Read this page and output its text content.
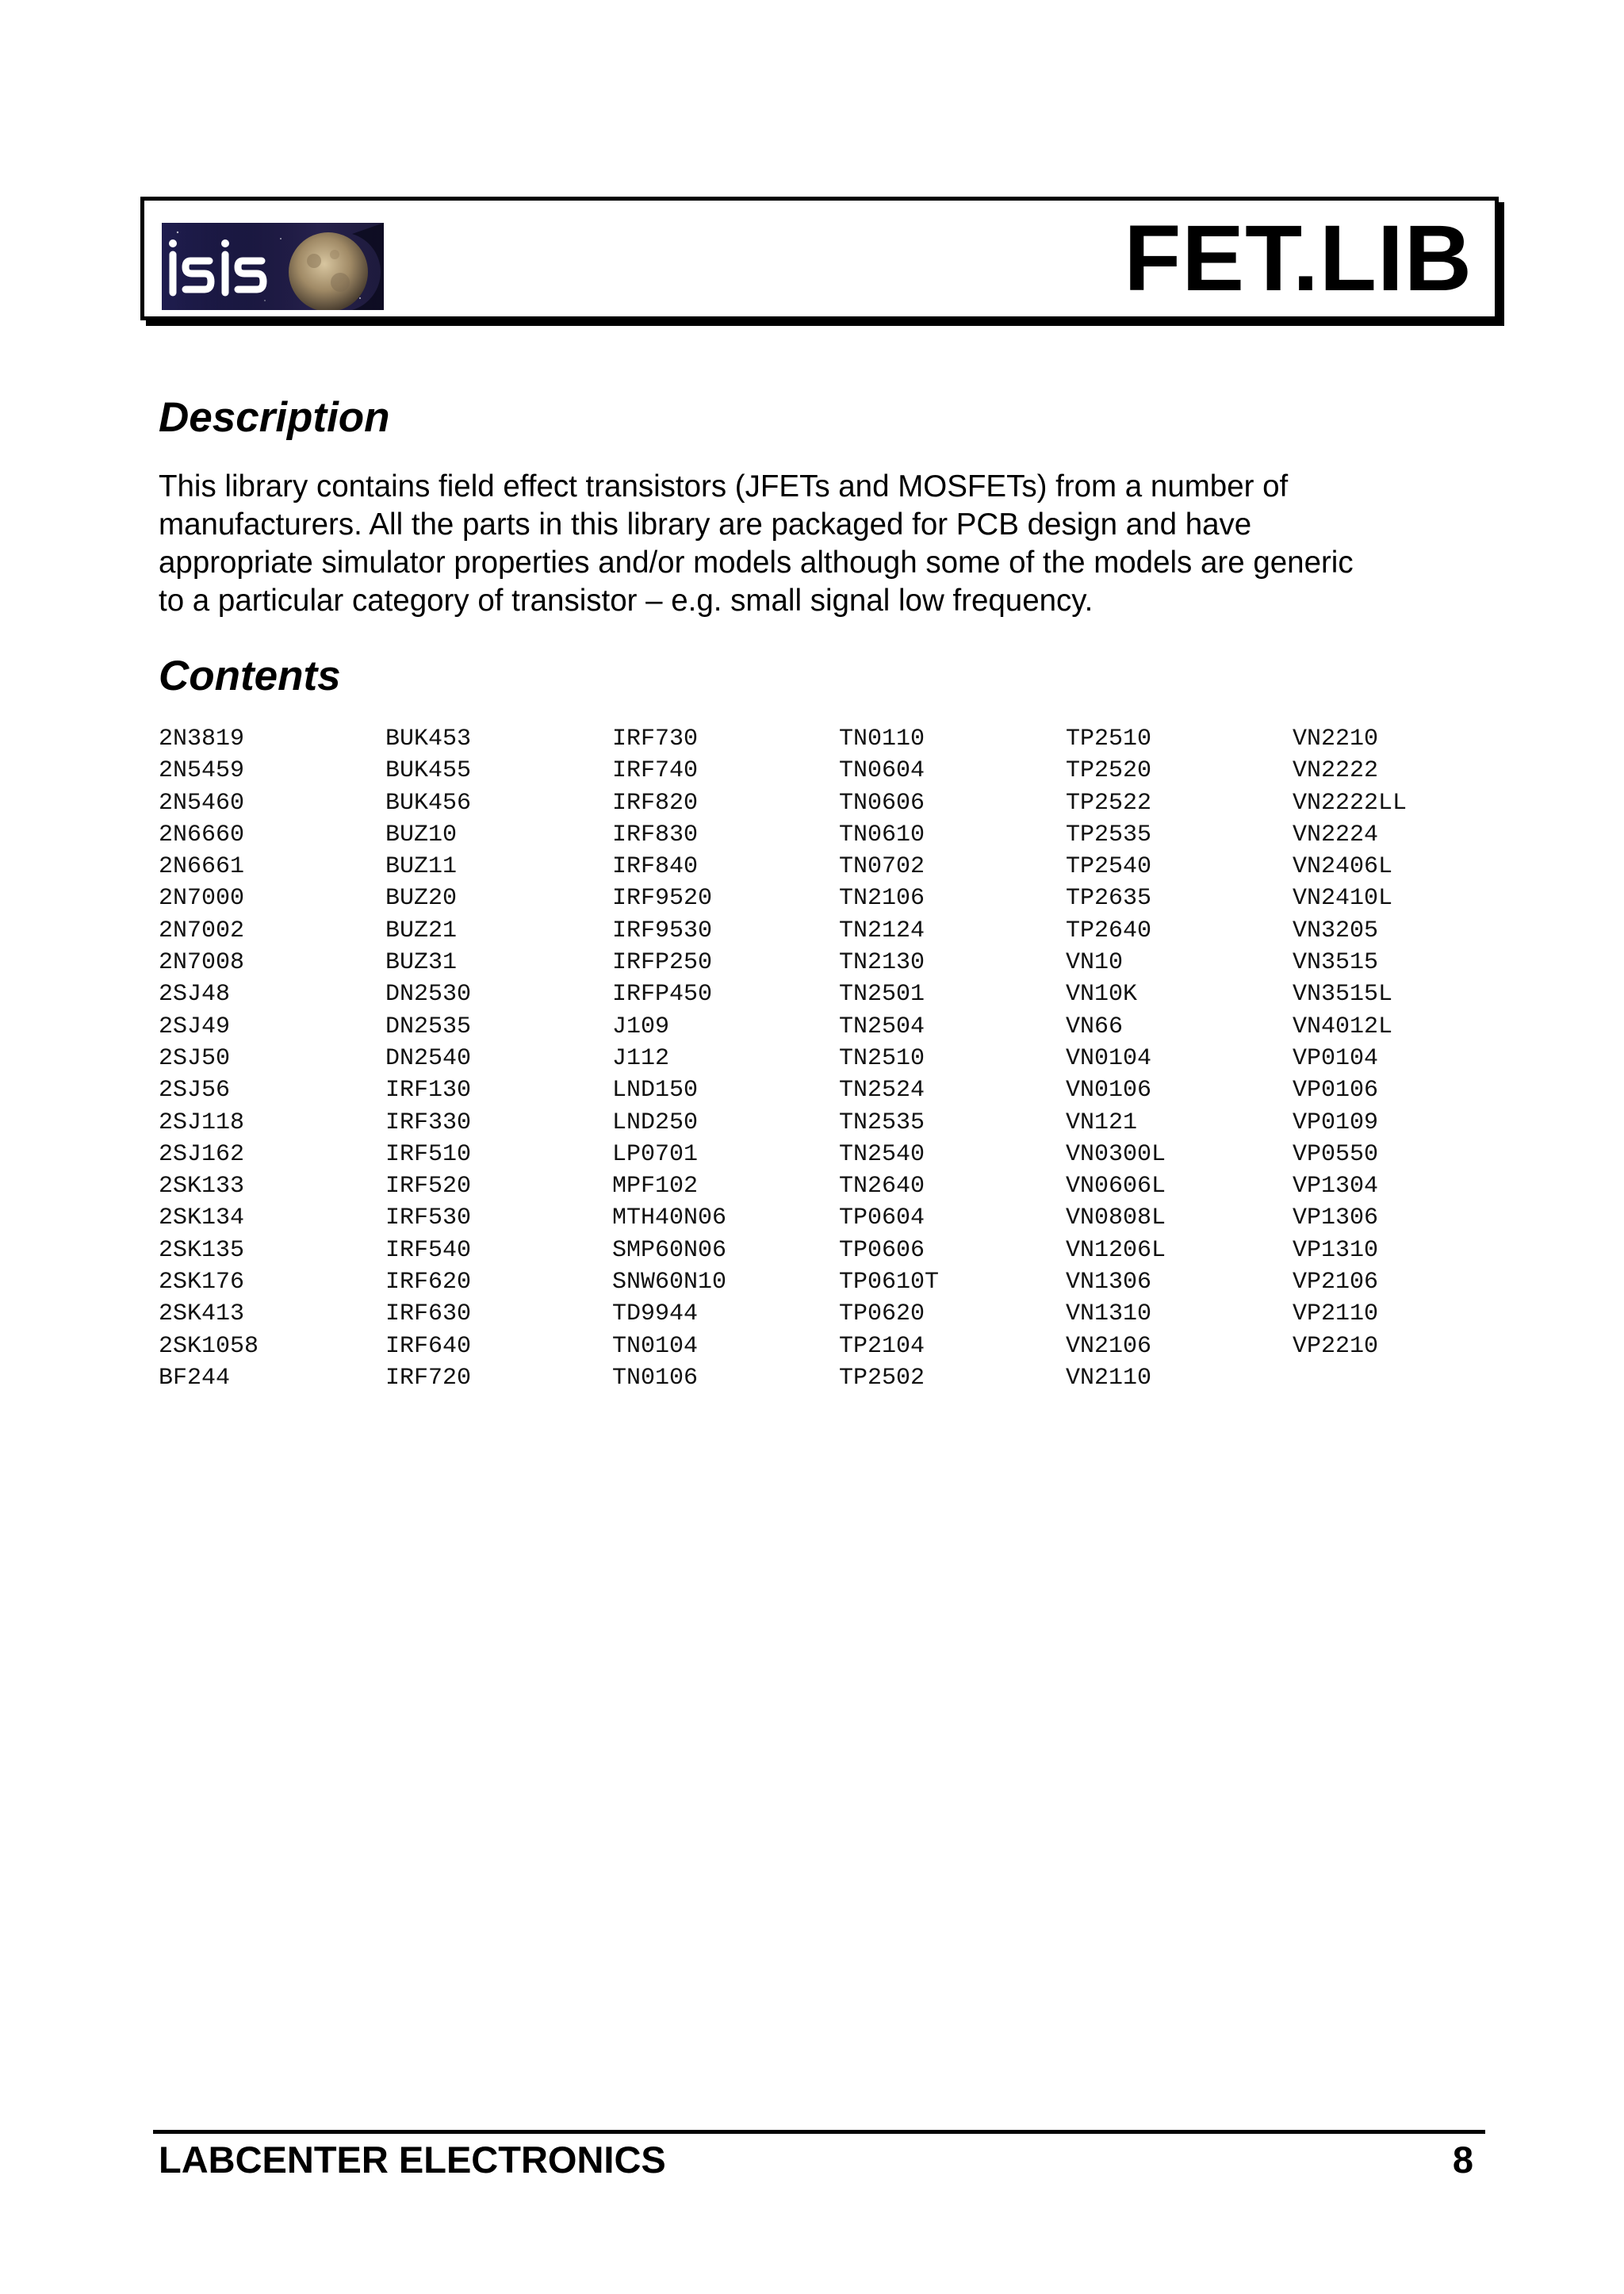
FET.LIB
Description
This library contains field effect transistors (JFETs and MOSFETs) from a number of
manufacturers. All the parts in this library are packaged for PCB design and have
appropriate simulator properties and/or models although some of the models are generic
to a particular category of transistor – e.g. small signal low frequency.
Contents
2N3819
2N5459
2N5460
2N6660
2N6661
2N7000
2N7002
2N7008
2SJ48
2SJ49
2SJ50
2SJ56
2SJ118
2SJ162
2SK133
2SK134
2SK135
2SK176
2SK413
2SK1058
BF244
BUK453
BUK455
BUK456
BUZ10
BUZ11
BUZ20
BUZ21
BUZ31
DN2530
DN2535
DN2540
IRF130
IRF330
IRF510
IRF520
IRF530
IRF540
IRF620
IRF630
IRF640
IRF720
IRF730
IRF740
IRF820
IRF830
IRF840
IRF9520
IRF9530
IRFP250
IRFP450
J109
J112
LND150
LND250
LP0701
MPF102
MTH40N06
SMP60N06
SNW60N10
TD9944
TN0104
TN0106
TN0110
TN0604
TN0606
TN0610
TN0702
TN2106
TN2124
TN2130
TN2501
TN2504
TN2510
TN2524
TN2535
TN2540
TN2640
TP0604
TP0606
TP0610T
TP0620
TP2104
TP2502
TP2510
TP2520
TP2522
TP2535
TP2540
TP2635
TP2640
VN10
VN10K
VN66
VN0104
VN0106
VN121
VN0300L
VN0606L
VN0808L
VN1206L
VN1306
VN1310
VN2106
VN2110
VN2210
VN2222
VN2222LL
VN2224
VN2406L
VN2410L
VN3205
VN3515
VN3515L
VN4012L
VP0104
VP0106
VP0109
VP0550
VP1304
VP1306
VP1310
VP2106
VP2110
VP2210
LABCENTER ELECTRONICS	8
